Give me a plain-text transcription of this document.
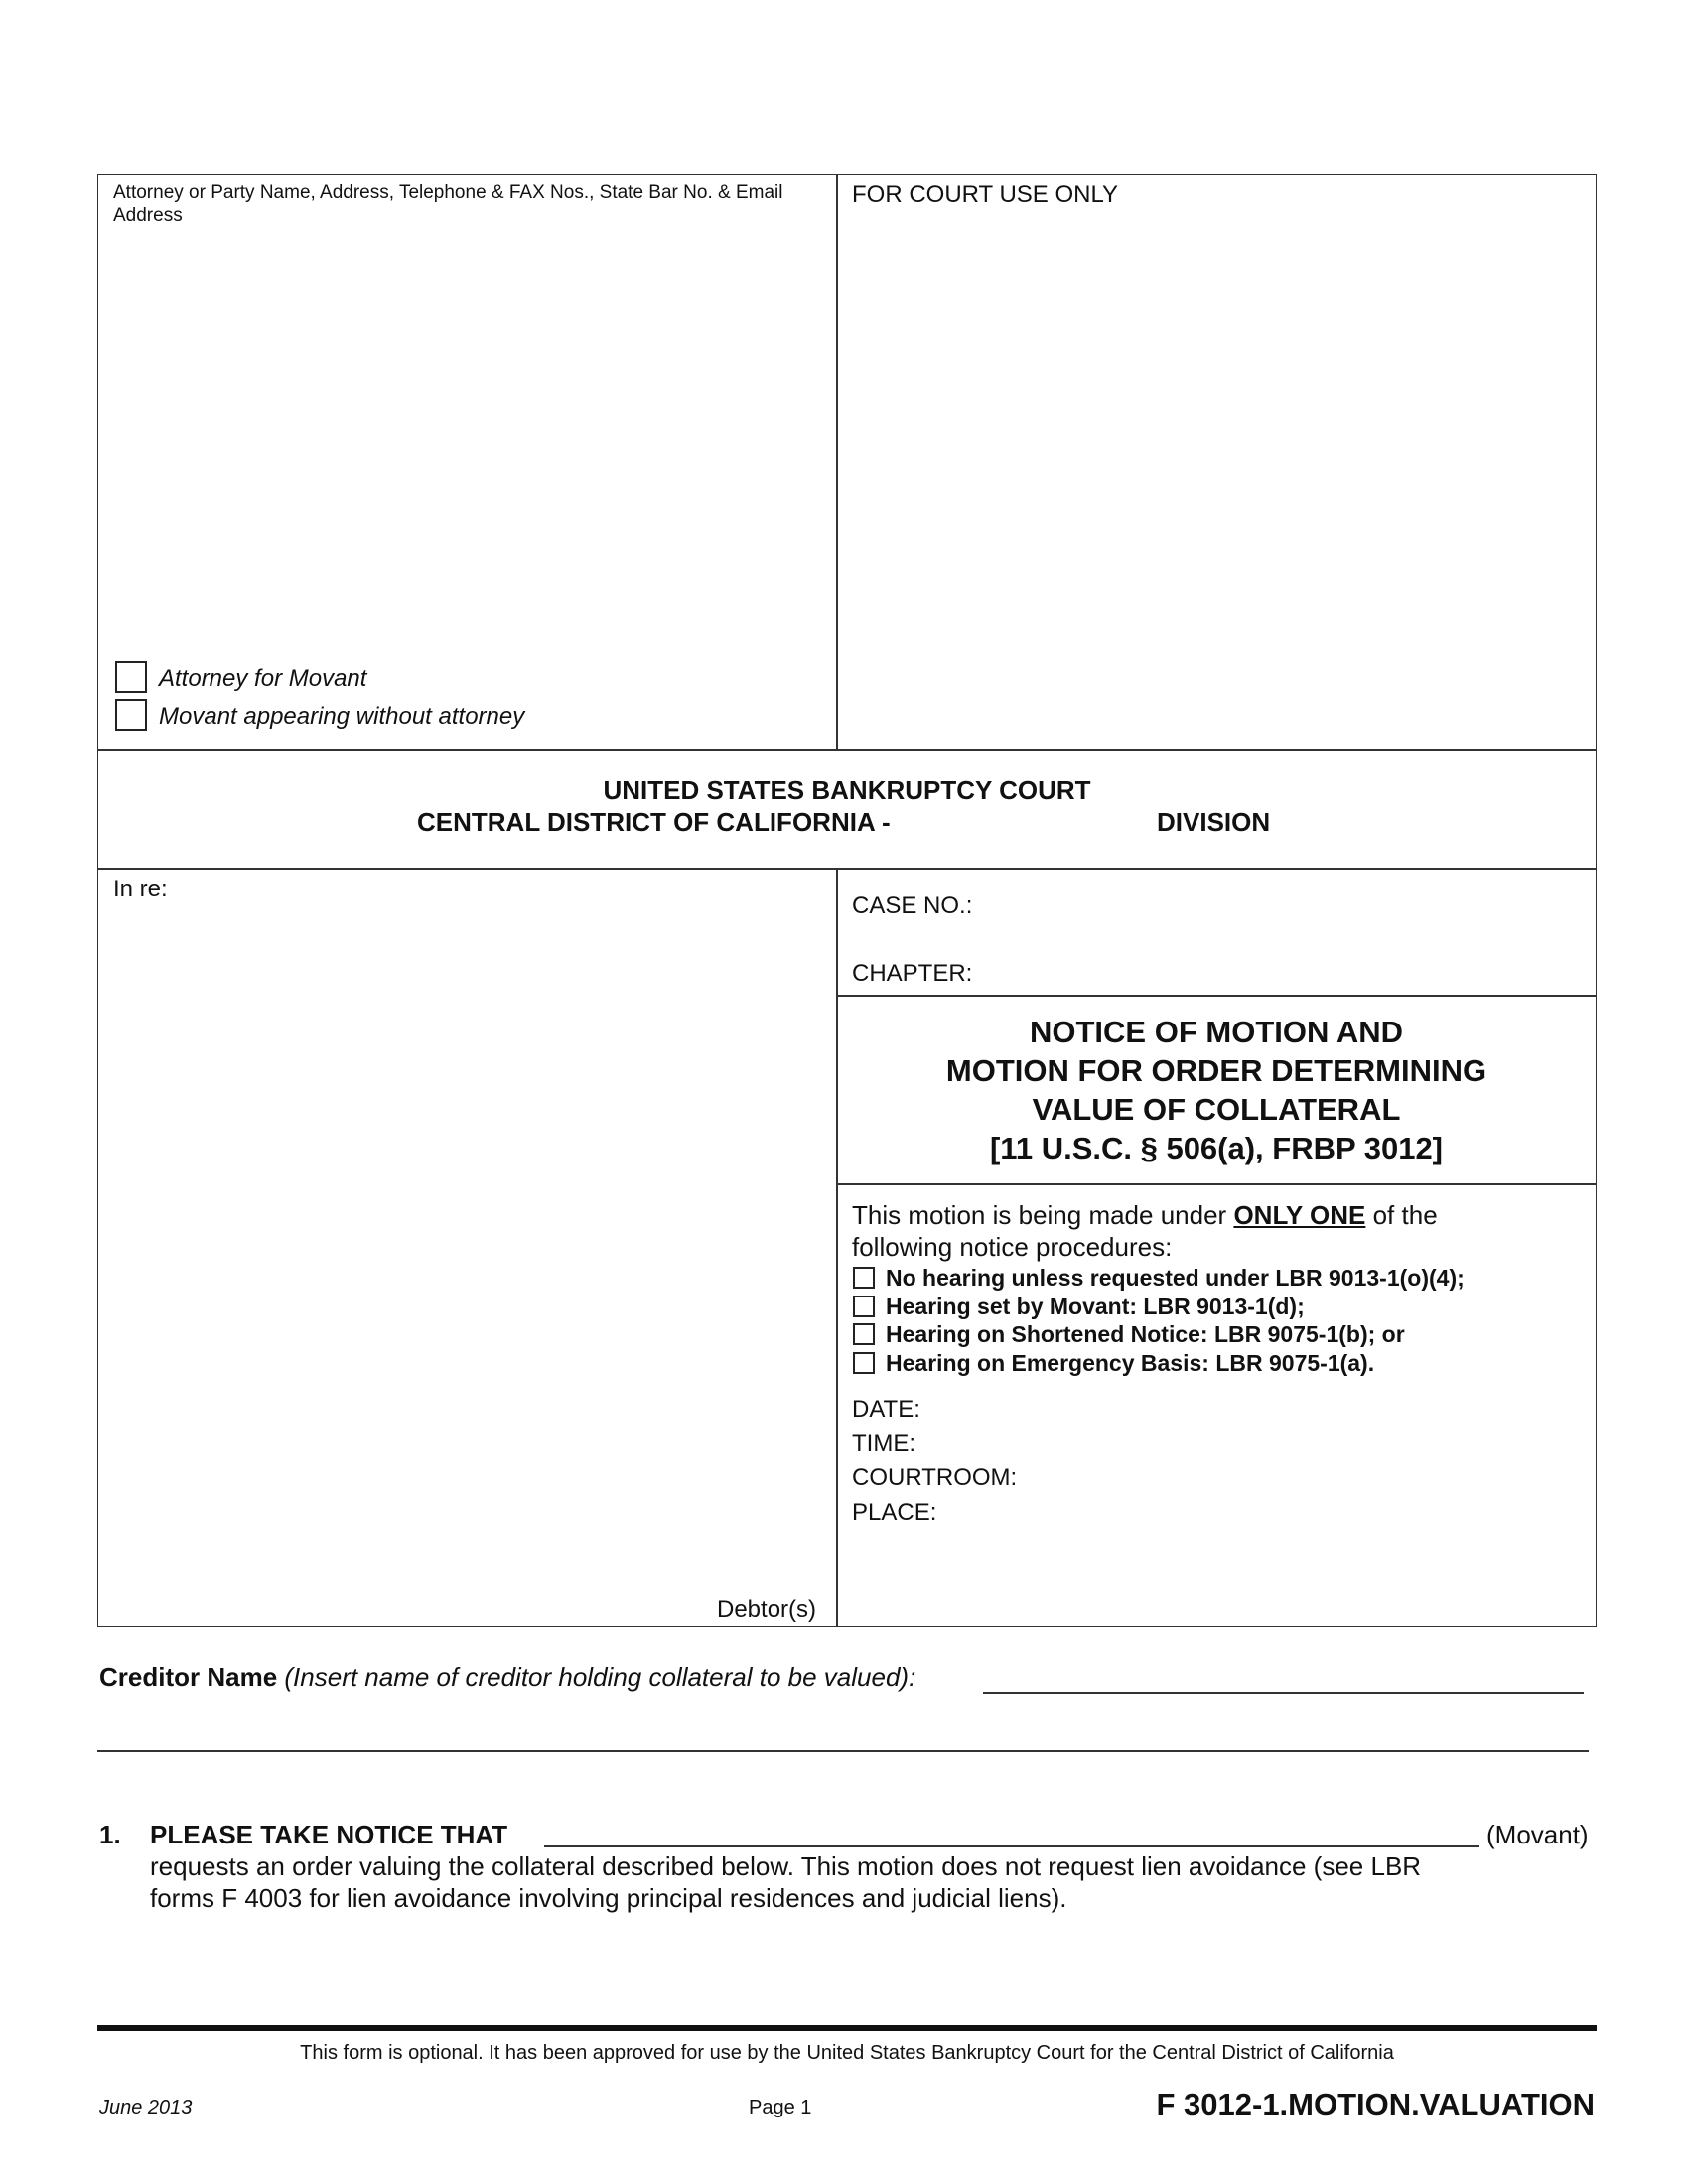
Attorney or Party Name, Address, Telephone & FAX Nos., State Bar No. & Email Address
FOR COURT USE ONLY
Attorney for Movant
Movant appearing without attorney
UNITED STATES BANKRUPTCY COURT
CENTRAL DISTRICT OF CALIFORNIA -	DIVISION
In re:
CASE NO.:
CHAPTER:
Debtor(s)
NOTICE OF MOTION AND
MOTION FOR ORDER DETERMINING
VALUE OF COLLATERAL
[11 U.S.C. § 506(a), FRBP 3012]
This motion is being made under ONLY ONE of the
following notice procedures:
No hearing unless requested under LBR 9013-1(o)(4);
Hearing set by Movant: LBR 9013-1(d);
Hearing on Shortened Notice: LBR 9075-1(b); or
Hearing on Emergency Basis: LBR 9075-1(a).
DATE:
TIME:
COURTROOM:
PLACE:
Creditor Name (Insert name of creditor holding collateral to be valued):
1. PLEASE TAKE NOTICE THAT	(Movant)
requests an order valuing the collateral described below. This motion does not request lien avoidance (see LBR
forms F 4003 for lien avoidance involving principal residences and judicial liens).
This form is optional. It has been approved for use by the United States Bankruptcy Court for the Central District of California
June 2013	Page 1	F 3012-1.MOTION.VALUATION
